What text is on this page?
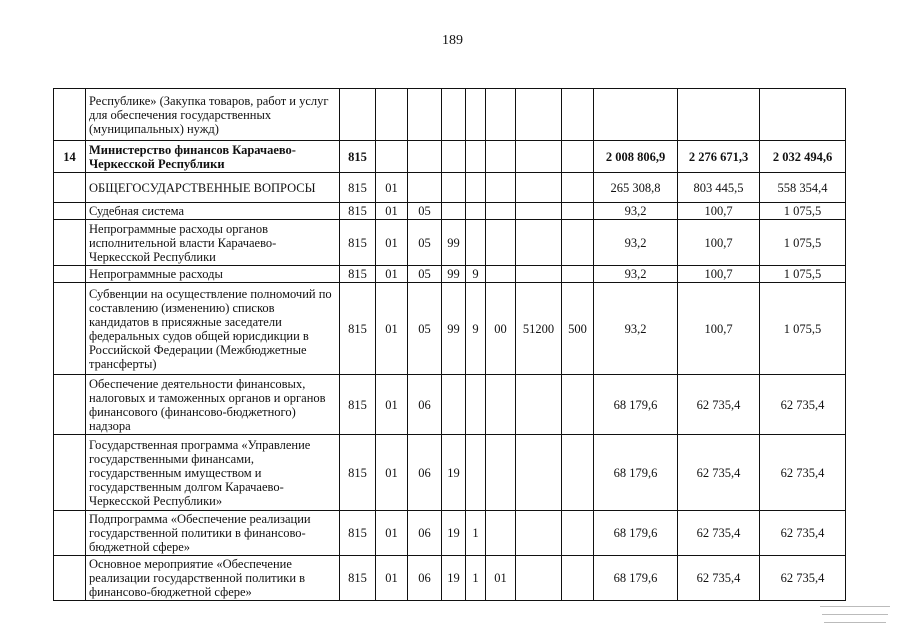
189
	Республике» (Закупка товаров, работ и услуг для обеспечения государственных (муниципальных) нужд)											
14	Министерство финансов Карачаево-Черкесской Республики	815								2 008 806,9	2 276 671,3	2 032 494,6
	ОБЩЕГОСУДАРСТВЕННЫЕ ВОПРОСЫ	815	01							265 308,8	803 445,5	558 354,4
	Судебная система	815	01	05						93,2	100,7	1 075,5
	Непрограммные расходы органов исполнительной власти Карачаево-Черкесской Республики	815	01	05	99					93,2	100,7	1 075,5
	Непрограммные расходы	815	01	05	99	9				93,2	100,7	1 075,5
	Субвенции на осуществление полномочий по составлению (изменению) списков кандидатов в присяжные заседатели федеральных судов общей юрисдикции в Российской Федерации (Межбюджетные трансферты)	815	01	05	99	9	00	51200	500	93,2	100,7	1 075,5
	Обеспечение деятельности финансовых, налоговых и таможенных органов и органов финансового (финансово-бюджетного) надзора	815	01	06						68 179,6	62 735,4	62 735,4
	Государственная программа «Управление государственными финансами, государственным имуществом и государственным долгом Карачаево-Черкесской Республики»	815	01	06	19					68 179,6	62 735,4	62 735,4
	Подпрограмма «Обеспечение реализации государственной политики в финансово-бюджетной сфере»	815	01	06	19	1				68 179,6	62 735,4	62 735,4
	Основное мероприятие «Обеспечение реализации государственной политики в финансово-бюджетной сфере»	815	01	06	19	1	01			68 179,6	62 735,4	62 735,4
